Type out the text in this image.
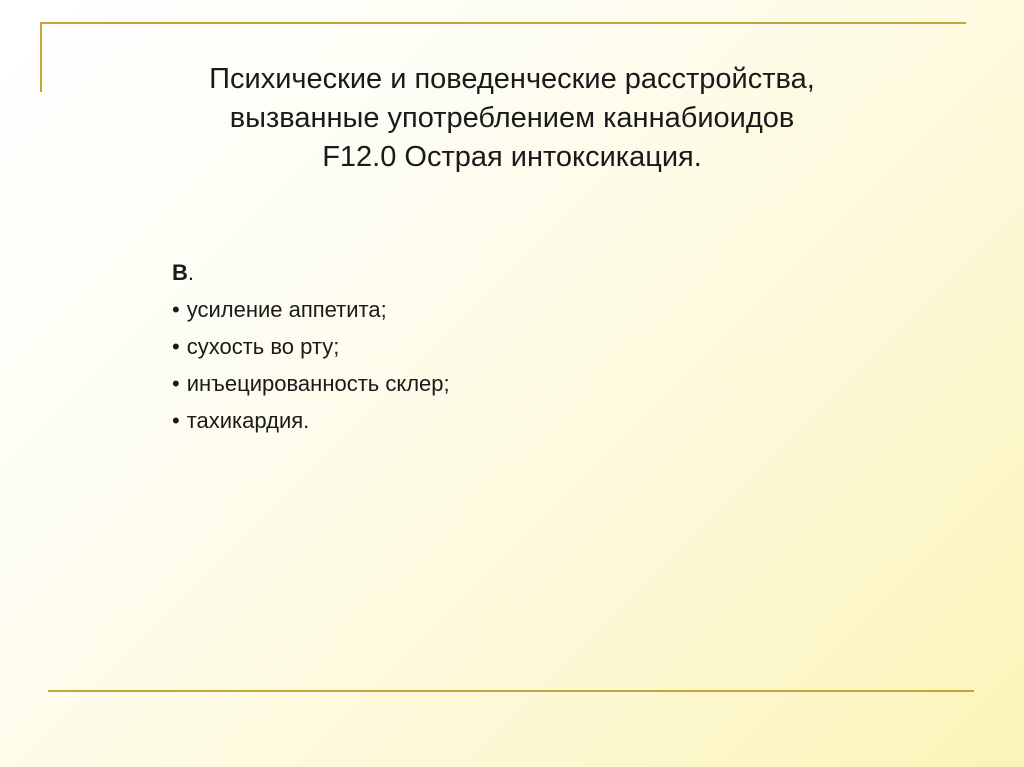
Психические и поведенческие расстройства,
вызванные употреблением каннабиоидов
F12.0 Острая интоксикация.
В.
• усиление аппетита;
• сухость во рту;
• инъецированность склер;
• тахикардия.
